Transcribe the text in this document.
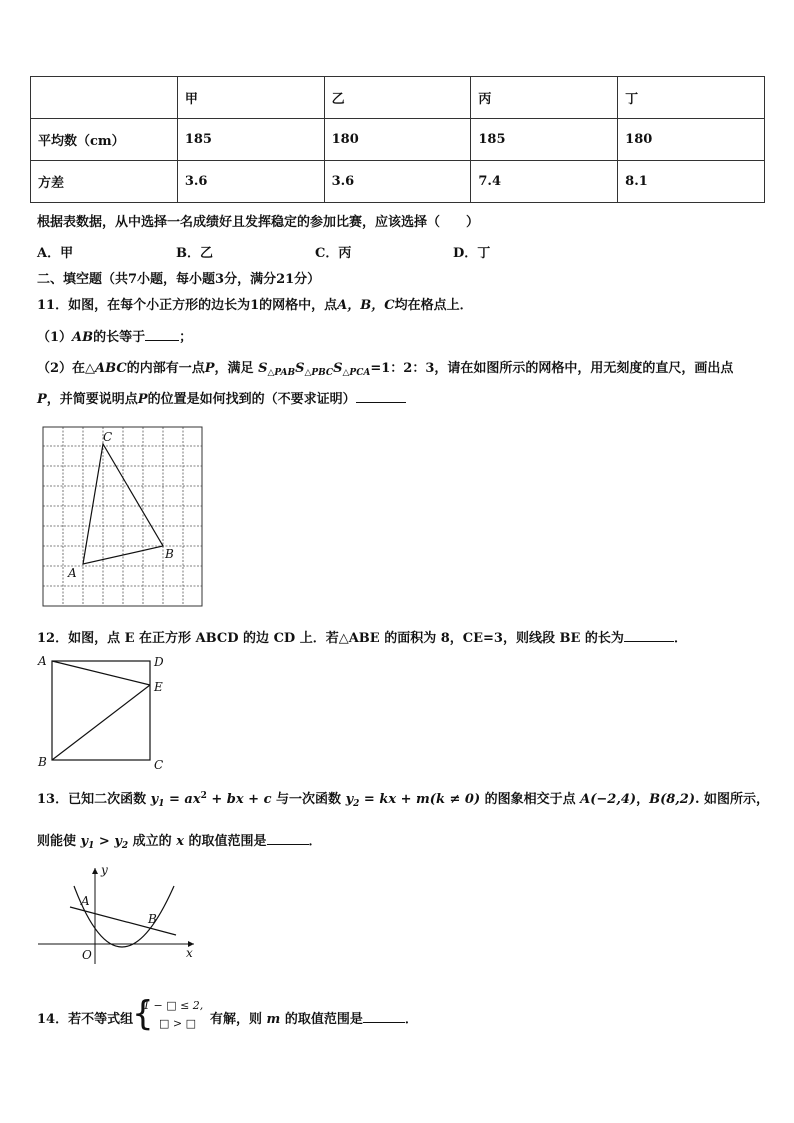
	甲	乙	丙	丁
平均数（cm）	185	180	185	180
方差	3.6	3.6	7.4	8.1
根据表数据，从中选择一名成绩好且发挥稳定的参加比赛，应该选择（　　）
A．甲	B．乙	C．丙	D．丁
二、填空题（共7小题，每小题3分，满分21分）
11．如图，在每个小正方形的边长为1的网格中，点A，B，C均在格点上．
（1）AB的长等于	；
（2）在△ABC的内部有一点P，满足 $S_{\triangle PAB}S_{\triangle PBC}S_{\triangle PCA}=1$：2：3，请在如图所示的网格中，用无刻度的直尺，画出点
P，并简要说明点P的位置是如何找到的（不要求证明）
A
B
C
12．如图，点 E 在正方形 ABCD 的边 CD 上．若△ABE 的面积为 8，CE=3，则线段 BE 的长为	．
A
B	C
D
E
13．已知二次函数 $y_1 = ax^2$ + bx + c 与一次函数 $y_2$ = kx + m(k ≠ 0) 的图象相交于点 A(−2,4)，B(8,2). 如图所示，
则能使 $y_1 > y_2$ 成立的 x 的取值范围是	．
y
x
O
A
B
14．若不等式组
{
1 − □ ≤ 2,
□ > □ 有解，则 m 的取值范围是	．
